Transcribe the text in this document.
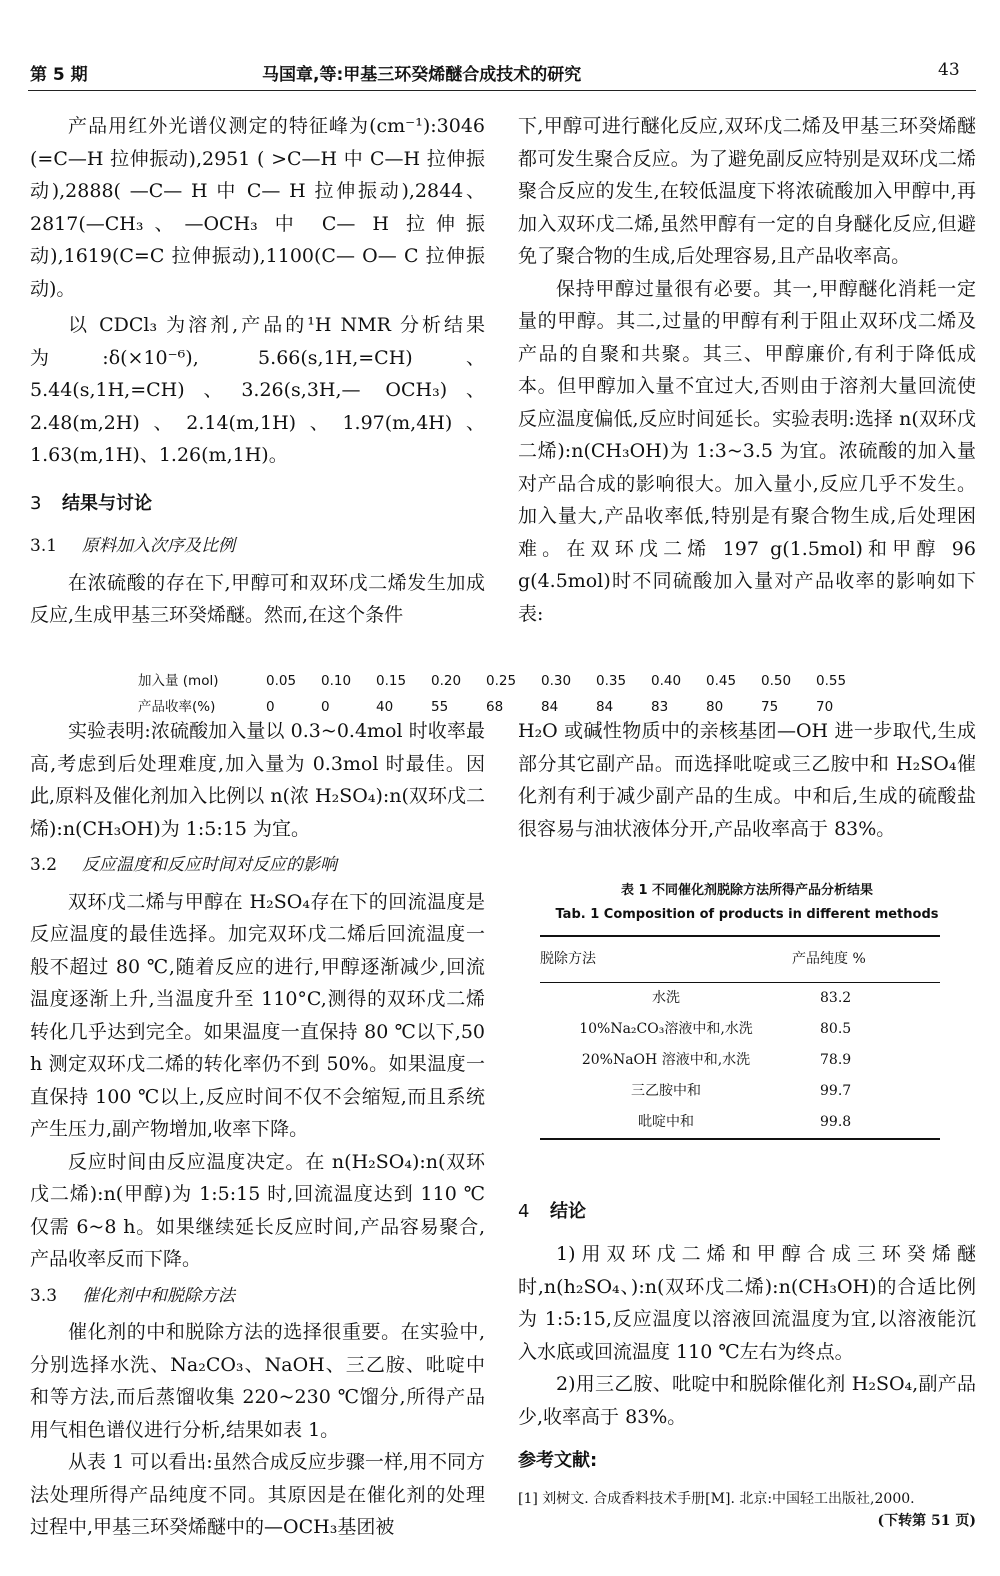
第 5 期	马国章,等:甲基三环癸烯醚合成技术的研究	43

产品用红外光谱仪测定的特征峰为(cm⁻¹):3046 (=C—H 拉伸振动),2951 ( >C—H 中 C—H 拉伸振动),2888( —C— H 中 C— H 拉伸振动),2844、2817(—CH₃、—OCH₃ 中 C— H 拉伸振动),1619(C=C 拉伸振动),1100(C— O— C 拉伸振动)。

以 CDCl₃ 为溶剂,产品的¹H NMR 分析结果为:δ(×10⁻⁶), 5.66(s,1H,=CH)、5.44(s,1H,=CH)、3.26(s,3H,— OCH₃)、2.48(m,2H)、2.14(m,1H)、1.97(m,4H)、1.63(m,1H)、1.26(m,1H)。

3 结果与讨论

3.1 原料加入次序及比例

在浓硫酸的存在下,甲醇可和双环戊二烯发生加成反应,生成甲基三环癸烯醚。然而,在这个条件

下,甲醇可进行醚化反应,双环戊二烯及甲基三环癸烯醚都可发生聚合反应。为了避免副反应特别是双环戊二烯聚合反应的发生,在较低温度下将浓硫酸加入甲醇中,再加入双环戊二烯,虽然甲醇有一定的自身醚化反应,但避免了聚合物的生成,后处理容易,且产品收率高。

保持甲醇过量很有必要。其一,甲醇醚化消耗一定量的甲醇。其二,过量的甲醇有利于阻止双环戊二烯及产品的自聚和共聚。其三、甲醇廉价,有利于降低成本。但甲醇加入量不宜过大,否则由于溶剂大量回流使反应温度偏低,反应时间延长。实验表明:选择 n(双环戊二烯):n(CH₃OH)为 1:3~3.5 为宜。浓硫酸的加入量对产品合成的影响很大。加入量小,反应几乎不发生。加入量大,产品收率低,特别是有聚合物生成,后处理困难。在双环戊二烯 197 g(1.5mol)和甲醇 96 g(4.5mol)时不同硫酸加入量对产品收率的影响如下表:

加入量 (mol)	0.05 0.10 0.15 0.20 0.25 0.30 0.35 0.40 0.45 0.50 0.55
产品收率(%)	0	0	40	55	68	84	84	83	80	75	70

实验表明:浓硫酸加入量以 0.3~0.4mol 时收率最高,考虑到后处理难度,加入量为 0.3mol 时最佳。因此,原料及催化剂加入比例以 n(浓 H₂SO₄):n(双环戊二烯):n(CH₃OH)为 1:5:15 为宜。

3.2 反应温度和反应时间对反应的影响

双环戊二烯与甲醇在 H₂SO₄存在下的回流温度是反应温度的最佳选择。加完双环戊二烯后回流温度一般不超过 80 ℃,随着反应的进行,甲醇逐渐减少,回流温度逐渐上升,当温度升至 110°C,测得的双环戊二烯转化几乎达到完全。如果温度一直保持 80 ℃以下,50 h 测定双环戊二烯的转化率仍不到 50%。如果温度一直保持 100 ℃以上,反应时间不仅不会缩短,而且系统产生压力,副产物增加,收率下降。

反应时间由反应温度决定。在 n(H₂SO₄):n(双环戊二烯):n(甲醇)为 1:5:15 时,回流温度达到 110 ℃仅需 6~8 h。如果继续延长反应时间,产品容易聚合,产品收率反而下降。

3.3 催化剂中和脱除方法

催化剂的中和脱除方法的选择很重要。在实验中,分别选择水洗、Na₂CO₃、NaOH、三乙胺、吡啶中和等方法,而后蒸馏收集 220~230 ℃馏分,所得产品用气相色谱仪进行分析,结果如表 1。

从表 1 可以看出:虽然合成反应步骤一样,用不同方法处理所得产品纯度不同。其原因是在催化剂的处理过程中,甲基三环癸烯醚中的—OCH₃基团被

H₂O 或碱性物质中的亲核基团—OH 进一步取代,生成部分其它副产品。而选择吡啶或三乙胺中和 H₂SO₄催化剂有利于减少副产品的生成。中和后,生成的硫酸盐很容易与油状液体分开,产品收率高于 83%。

表 1 不同催化剂脱除方法所得产品分析结果
Tab. 1 Composition of products in different methods
脱除方法	产品纯度 %
水洗	83.2
10%Na₂CO₃溶液中和,水洗	80.5
20%NaOH 溶液中和,水洗	78.9
三乙胺中和	99.7
吡啶中和	99.8

4 结论

1)用双环戊二烯和甲醇合成三环癸烯醚时,n(h₂SO₄、):n(双环戊二烯):n(CH₃OH)的合适比例为 1:5:15,反应温度以溶液回流温度为宜,以溶液能沉入水底或回流温度 110 ℃左右为终点。

2)用三乙胺、吡啶中和脱除催化剂 H₂SO₄,副产品少,收率高于 83%。

参考文献:

[1] 刘树文. 合成香料技术手册[M]. 北京:中国轻工出版社,2000.

(下转第 51 页)
